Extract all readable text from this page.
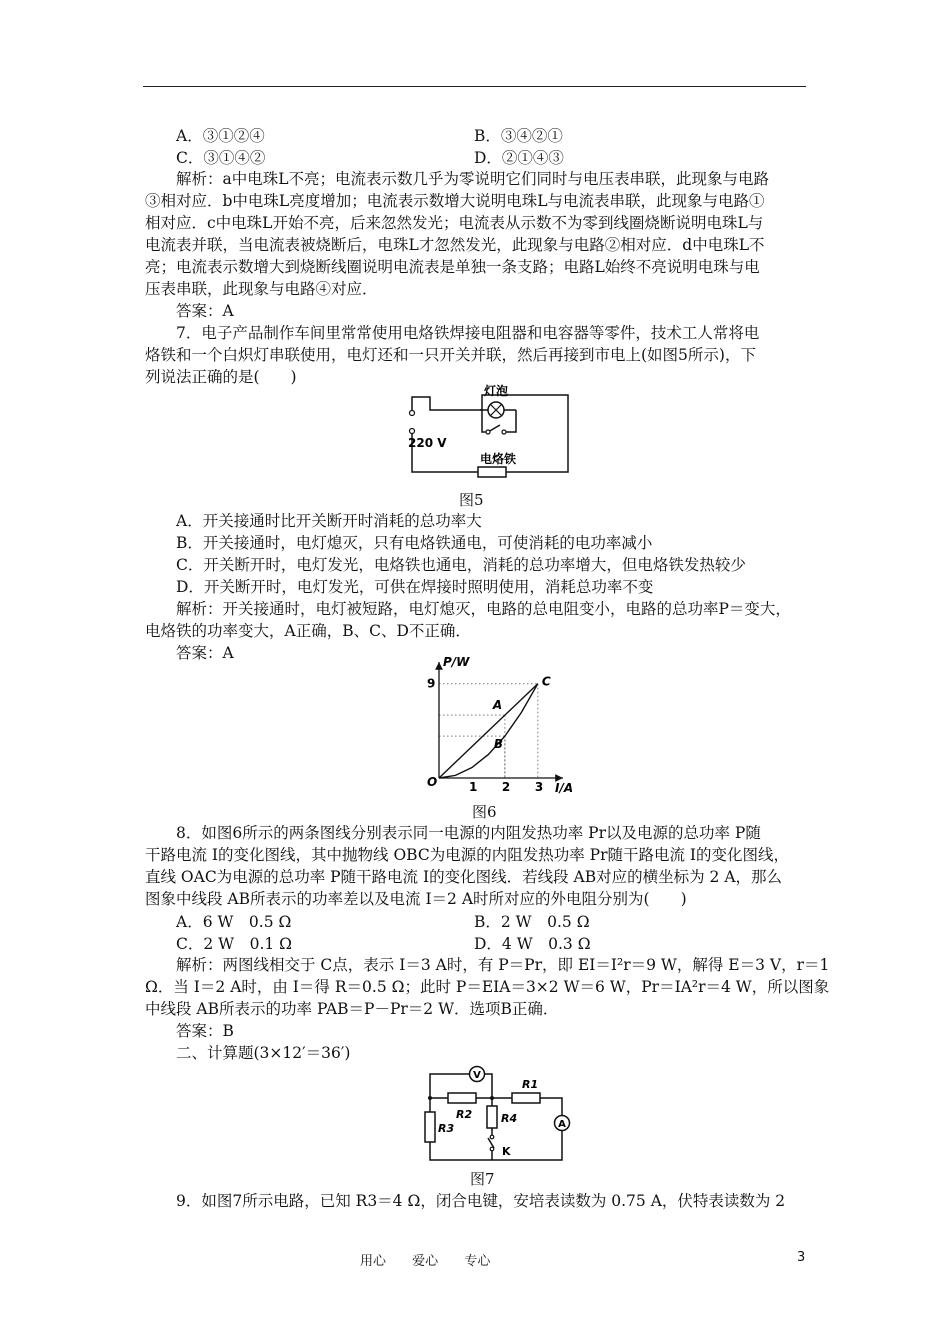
A．③①②④	B．③④②①
C．③①④②	D．②①④③
解析：a中电珠L不亮；电流表示数几乎为零说明它们同时与电压表串联，此现象与电路
③相对应．b中电珠L亮度增加；电流表示数增大说明电珠L与电流表串联，此现象与电路①
相对应．c中电珠L开始不亮，后来忽然发光；电流表从示数不为零到线圈烧断说明电珠L与
电流表并联，当电流表被烧断后，电珠L才忽然发光，此现象与电路②相对应．d中电珠L不
亮；电流表示数增大到烧断线圈说明电流表是单独一条支路；电路L始终不亮说明电珠与电
压表串联，此现象与电路④对应．
答案：A
7．电子产品制作车间里常常使用电烙铁焊接电阻器和电容器等零件，技术工人常将电
烙铁和一个白炽灯串联使用，电灯还和一只开关并联，然后再接到市电上(如图5所示)，下
列说法正确的是(　　)
灯泡
220 V
电烙铁
图5
A．开关接通时比开关断开时消耗的总功率大
B．开关接通时，电灯熄灭，只有电烙铁通电，可使消耗的电功率减小
C．开关断开时，电灯发光，电烙铁也通电，消耗的总功率增大，但电烙铁发热较少
D．开关断开时，电灯发光，可供在焊接时照明使用，消耗总功率不变
解析：开关接通时，电灯被短路，电灯熄灭，电路的总电阻变小，电路的总功率P＝变大，
电烙铁的功率变大，A正确，B、C、D不正确．
答案：A	P/W
I/A
O
9
1 2 3
A
B
C
图6
8．如图6所示的两条图线分别表示同一电源的内阻发热功率 Pr以及电源的总功率 P随
干路电流 I的变化图线，其中抛物线 OBC为电源的内阻发热功率 Pr随干路电流 I的变化图线，
直线 OAC为电源的总功率 P随干路电流 I的变化图线．若线段 AB对应的横坐标为 2 A，那么
图象中线段 AB所表示的功率差以及电流 I＝2 A时所对应的外电阻分别为(　　)
A．6 W　0.5 Ω	B．2 W　0.5 Ω
C．2 W　0.1 Ω	D．4 W　0.3 Ω
解析：两图线相交于 C点，表示 I＝3 A时，有 P＝Pr，即 EI＝I²r＝9 W，解得 E＝3 V，r＝1
Ω．当 I＝2 A时，由 I＝得 R＝0.5 Ω；此时 P＝EIA＝3×2 W＝6 W，Pr＝IA²r＝4 W，所以图象
中线段 AB所表示的功率 PAB＝P－Pr＝2 W．选项B正确．
答案：B
二、计算题(3×12′＝36′)
V
A
R2
R1
R3
R4
K
图7
9．如图7所示电路，已知 R3＝4 Ω，闭合电键，安培表读数为 0.75 A，伏特表读数为 2
用心 爱心 专心	3
